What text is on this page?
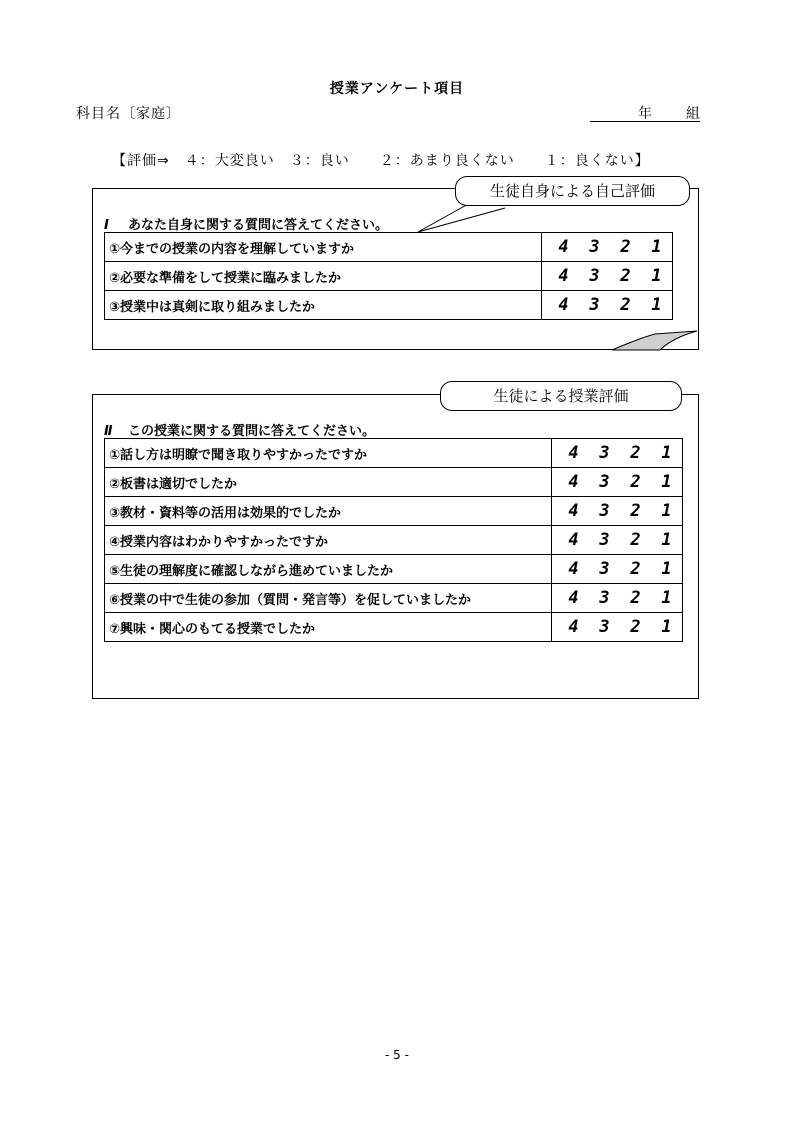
授業アンケート項目
科目名〔家庭〕	年 組
【評価⇒　４：大変良い　３：良い　　２：あまり良くない　　１：良くない】
生徒自身による自己評価
Ⅰ あなた自身に関する質問に答えてください。
①今までの授業の内容を理解していますか	4 3 2 1
②必要な準備をして授業に臨みましたか	4 3 2 1
③授業中は真剣に取り組みましたか	4 3 2 1
生徒による授業評価
Ⅱ この授業に関する質問に答えてください。
①話し方は明瞭で聞き取りやすかったですか	4 3 2 1
②板書は適切でしたか	4 3 2 1
③教材・資料等の活用は効果的でしたか	4 3 2 1
④授業内容はわかりやすかったですか	4 3 2 1
⑤生徒の理解度に確認しながら進めていましたか	4 3 2 1
⑥授業の中で生徒の参加（質問・発言等）を促していましたか	4 3 2 1
⑦興味・関心のもてる授業でしたか	4 3 2 1
- 5 -
